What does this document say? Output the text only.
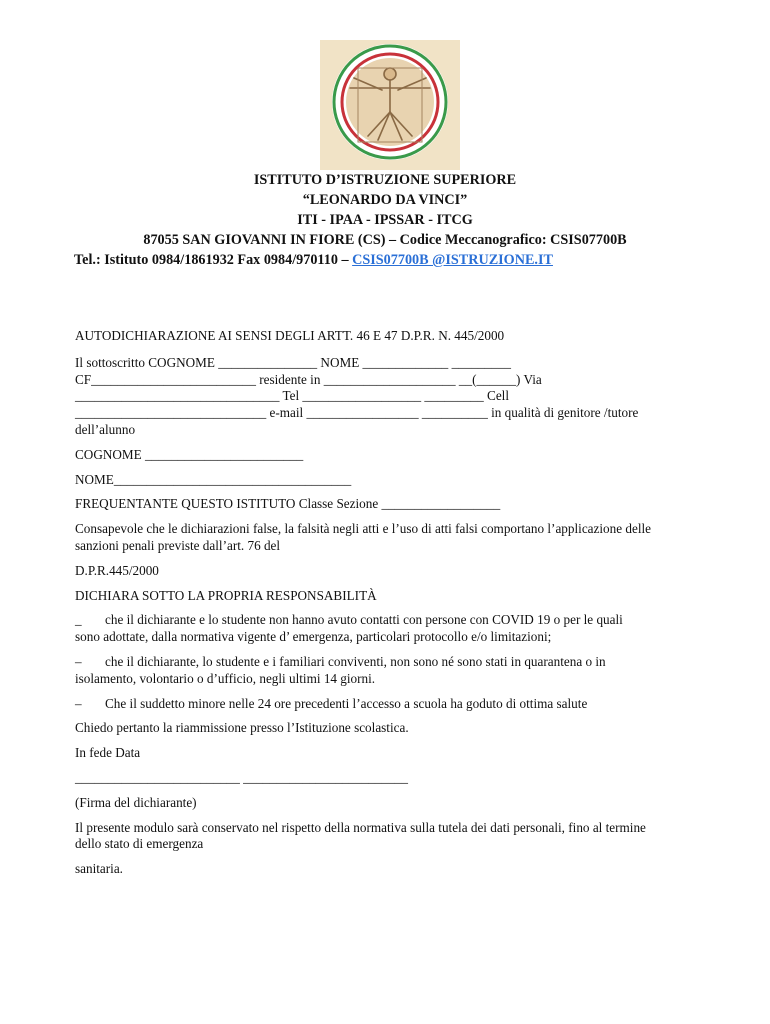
ISTITUTO D’ISTRUZIONE SUPERIORE
“LEONARDO DA VINCI”
ITI - IPAA - IPSSAR - ITCG
87055 SAN GIOVANNI IN FIORE (CS) – Codice Meccanografico: CSIS07700B
Tel.: Istituto 0984/1861932 Fax 0984/970110 – CSIS07700B @ISTRUZIONE.IT

AUTODICHIARAZIONE AI SENSI DEGLI ARTT. 46 E 47 D.P.R. N. 445/2000

Il sottoscritto COGNOME _______________ NOME _____________ _________

CF_________________________ residente in ____________________ __(______) Via

_______________________________ Tel __________________ _________ Cell

_____________________________ e-mail _________________ __________ in qualità di genitore /tutore

dell’alunno

COGNOME ________________________

NOME____________________________________

FREQUENTANTE QUESTO ISTITUTO Classe Sezione __________________

Consapevole che le dichiarazioni false, la falsità negli atti e l’uso di atti falsi comportano l’applicazione delle

sanzioni penali previste dall’art. 76 del

D.P.R.445/2000

DICHIARA SOTTO LA PROPRIA RESPONSABILITÀ

_	che il dichiarante e lo studente non hanno avuto contatti con persone con COVID 19 o per le quali

sono adottate, dalla normativa vigente d’ emergenza, particolari protocollo e/o limitazioni;

–	che il dichiarante, lo studente e i familiari conviventi, non sono né sono stati in quarantena o in

isolamento, volontario o d’ufficio, negli ultimi 14 giorni.

–	Che il suddetto minore nelle 24 ore precedenti l’accesso a scuola ha goduto di ottima salute

Chiedo pertanto la riammissione presso l’Istituzione scolastica.

In fede Data

_________________________ _________________________

(Firma del dichiarante)

Il presente modulo sarà conservato nel rispetto della normativa sulla tutela dei dati personali, fino al termine

dello stato di emergenza

sanitaria.
